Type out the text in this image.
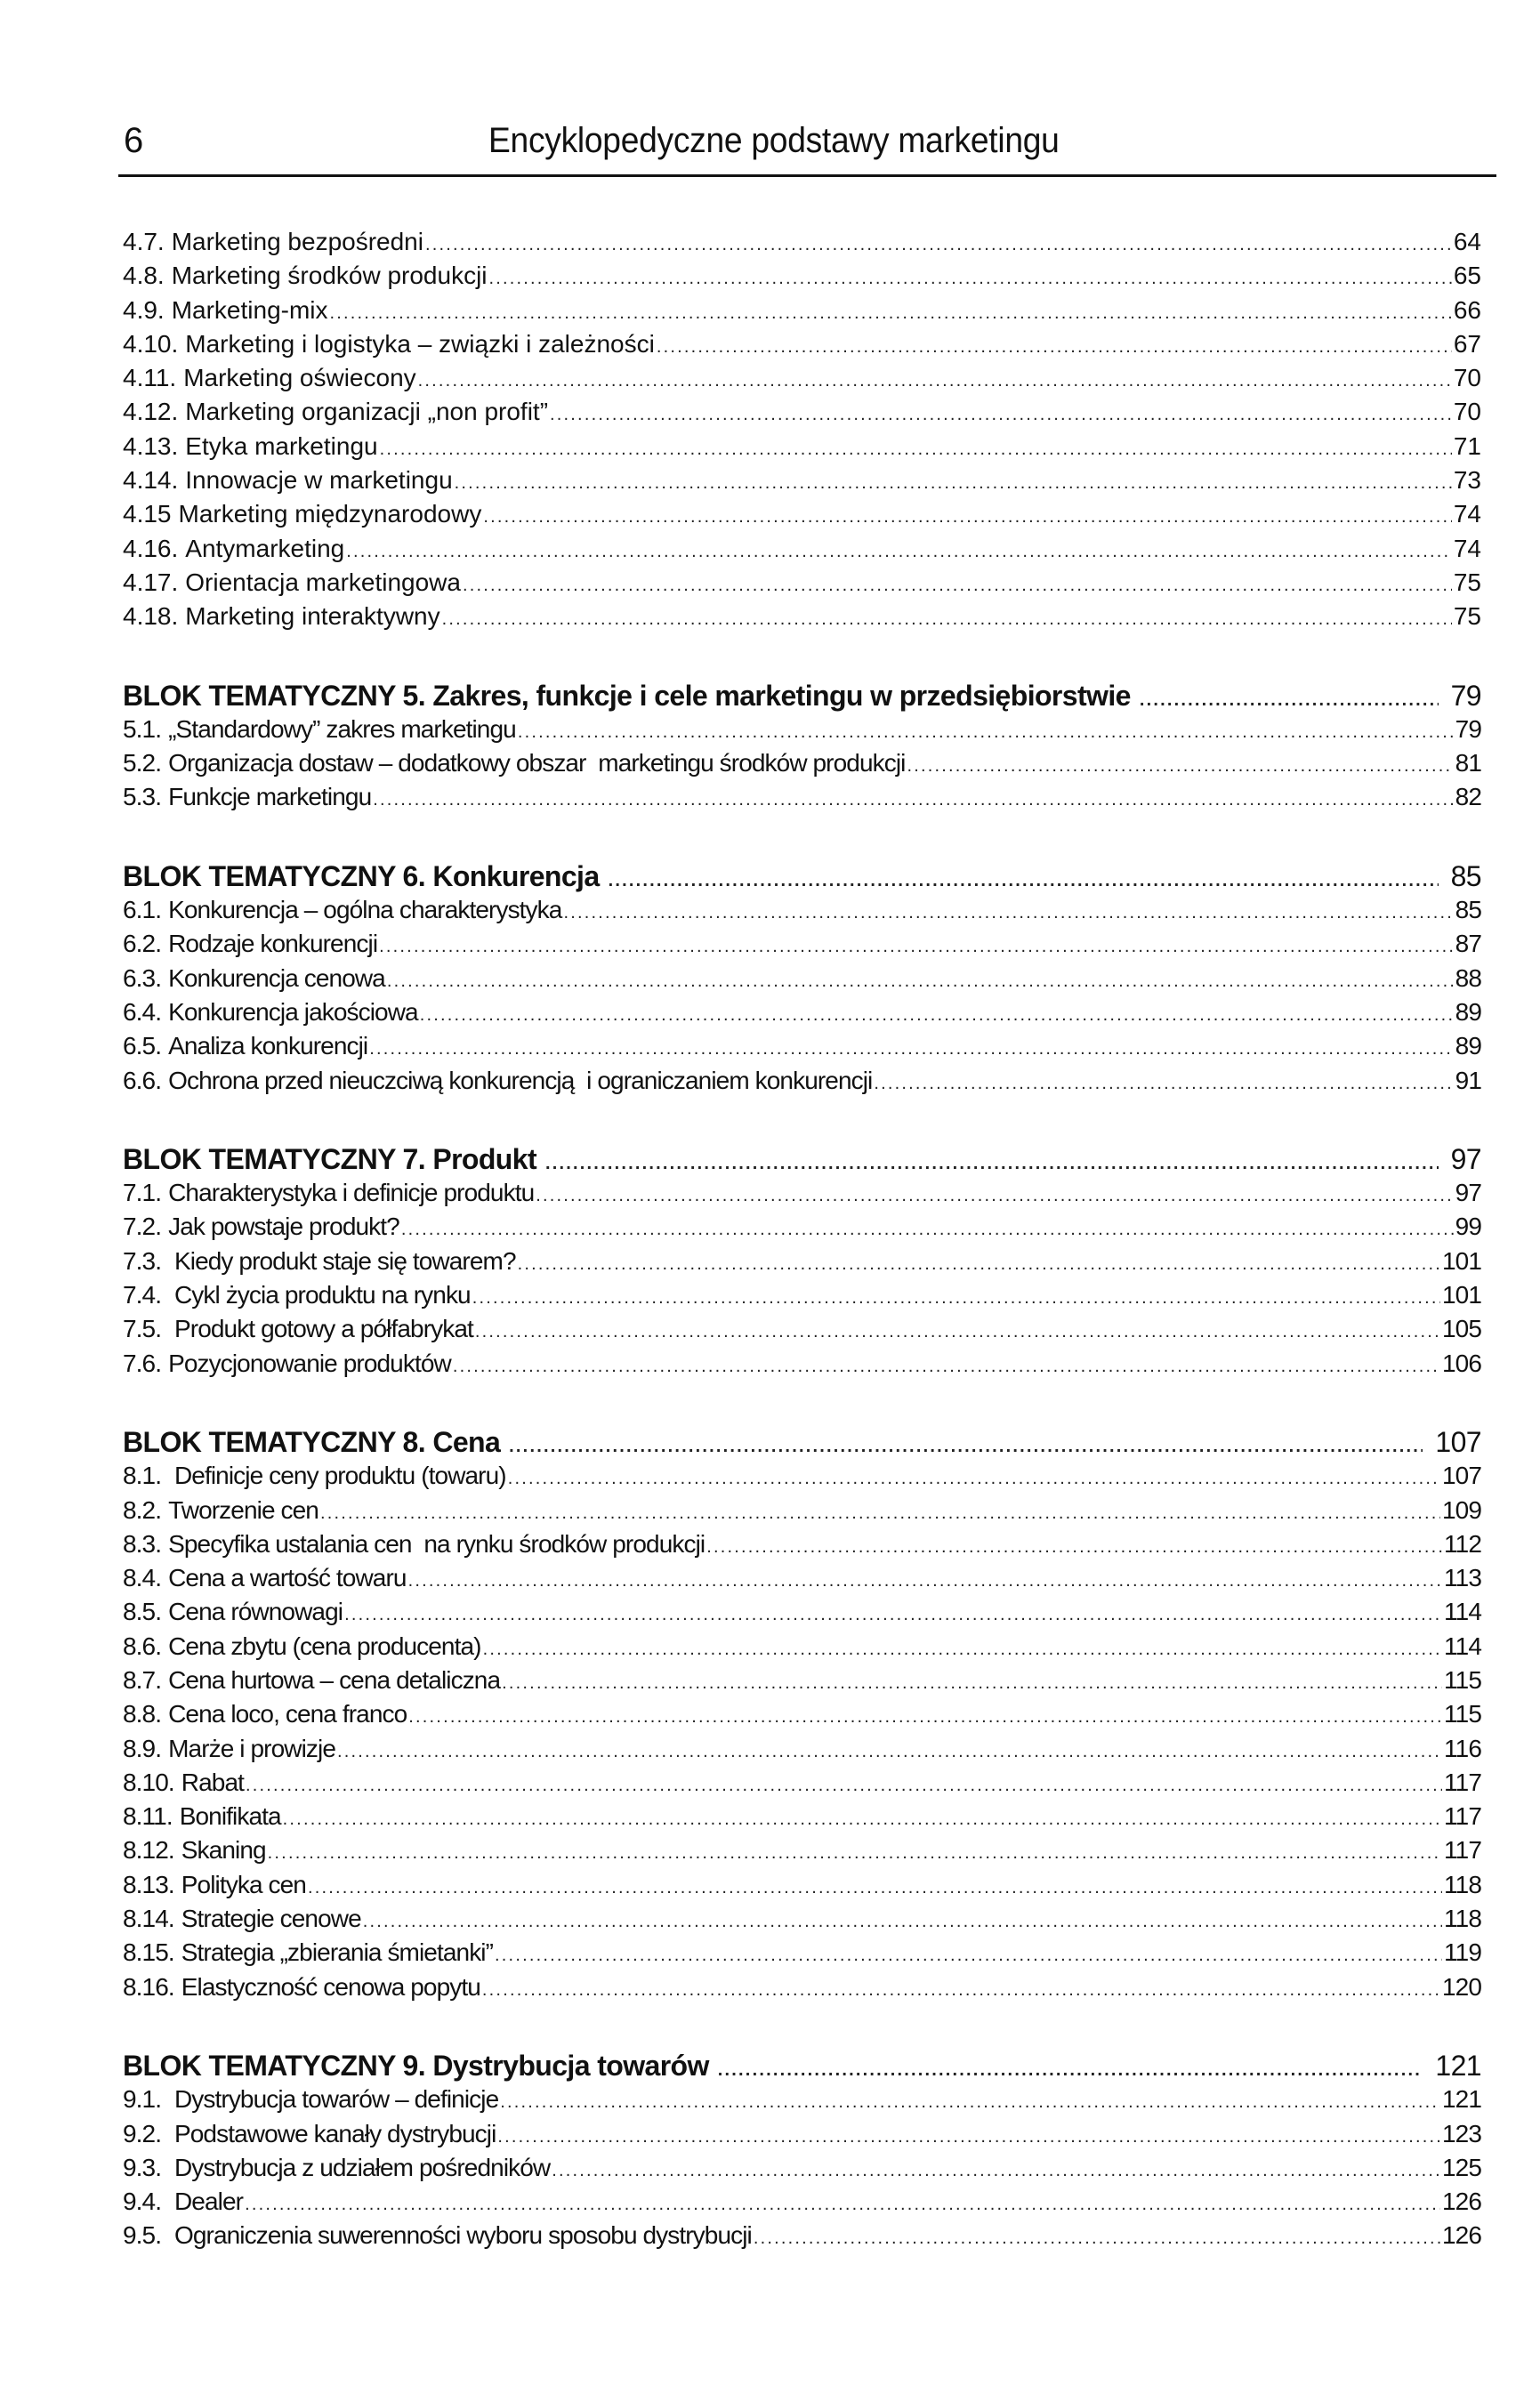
6	Encyklopedyczne podstawy marketingu
4.7. Marketing bezpośredni .....	64
4.8. Marketing środków produkcji .....	65
4.9. Marketing-mix .....	66
4.10. Marketing i logistyka – związki i zależności .....	67
4.11. Marketing oświecony .....	70
4.12. Marketing organizacji „non profit” .....	70
4.13. Etyka marketingu .....	71
4.14. Innowacje w marketingu .....	73
4.15 Marketing międzynarodowy .....	74
4.16. Antymarketing .....	74
4.17. Orientacja marketingowa .....	75
4.18. Marketing interaktywny .....	75
BLOK TEMATYCZNY 5. Zakres, funkcje i cele marketingu w przedsiębiorstwie .....	79
5.1. „Standardowy” zakres marketingu .....	79
5.2. Organizacja dostaw – dodatkowy obszar  marketingu środków produkcji .....	81
5.3. Funkcje marketingu .....	82
BLOK TEMATYCZNY 6. Konkurencja .....	85
6.1. Konkurencja – ogólna charakterystyka .....	85
6.2. Rodzaje konkurencji .....	87
6.3. Konkurencja cenowa .....	88
6.4. Konkurencja jakościowa .....	89
6.5. Analiza konkurencji .....	89
6.6. Ochrona przed nieuczciwą konkurencją  i ograniczaniem konkurencji .....	91
BLOK TEMATYCZNY 7. Produkt .....	97
7.1. Charakterystyka i definicje produktu .....	97
7.2. Jak powstaje produkt? .....	99
7.3. Kiedy produkt staje się towarem? .....	101
7.4. Cykl życia produktu na rynku .....	101
7.5. Produkt gotowy a półfabrykat .....	105
7.6. Pozycjonowanie produktów .....	106
BLOK TEMATYCZNY 8. Cena .....	107
8.1. Definicje ceny produktu (towaru) .....	107
8.2. Tworzenie cen .....	109
8.3. Specyfika ustalania cen  na rynku środków produkcji .....	112
8.4. Cena a wartość towaru .....	113
8.5. Cena równowagi .....	114
8.6. Cena zbytu (cena producenta) .....	114
8.7. Cena hurtowa – cena detaliczna .....	115
8.8. Cena loco, cena franco .....	115
8.9. Marże i prowizje .....	116
8.10. Rabat .....	117
8.11. Bonifikata .....	117
8.12. Skaning .....	117
8.13. Polityka cen .....	118
8.14. Strategie cenowe .....	118
8.15. Strategia „zbierania śmietanki” .....	119
8.16. Elastyczność cenowa popytu .....	120
BLOK TEMATYCZNY 9. Dystrybucja towarów .....	121
9.1. Dystrybucja towarów – definicje .....	121
9.2. Podstawowe kanały dystrybucji .....	123
9.3. Dystrybucja z udziałem pośredników .....	125
9.4. Dealer .....	126
9.5. Ograniczenia suwerenności wyboru sposobu dystrybucji .....	126
